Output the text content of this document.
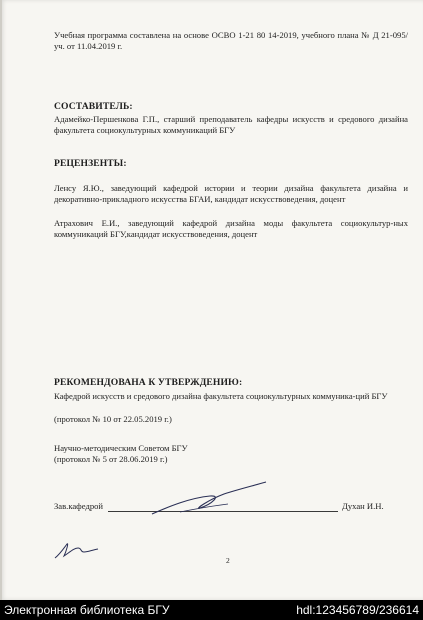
Учебная программа составлена на основе ОСВО 1-21 80 14-2019, учебного плана № Д 21-095/уч. от 11.04.2019 г.

СОСТАВИТЕЛЬ:

Адамейко-Першенкова Г.П., старший преподаватель кафедры искусств и средового дизайна факультета социокультурных коммуникаций БГУ

РЕЦЕНЗЕНТЫ:

Ленсу Я.Ю., заведующий кафедрой истории и теории дизайна факультета дизайна и декоративно-прикладного искусства БГАИ, кандидат искусствоведения, доцент

Атрахович Е.И., заведующий кафедрой дизайна моды факультета социокультур-ных коммуникаций БГУ,кандидат искусствоведения, доцент

РЕКОМЕНДОВАНА К УТВЕРЖДЕНИЮ:

Кафедрой искусств и средового дизайна факультета социокультурных коммуника-ций БГУ

(протокол № 10 от 22.05.2019 г.)

Научно-методическим Советом БГУ

(протокол № 5 от 28.06.2019 г.)

Зав.кафедрой	Духан И.Н.
2
Электронная библиотека БГУ	hdl:123456789/236614
